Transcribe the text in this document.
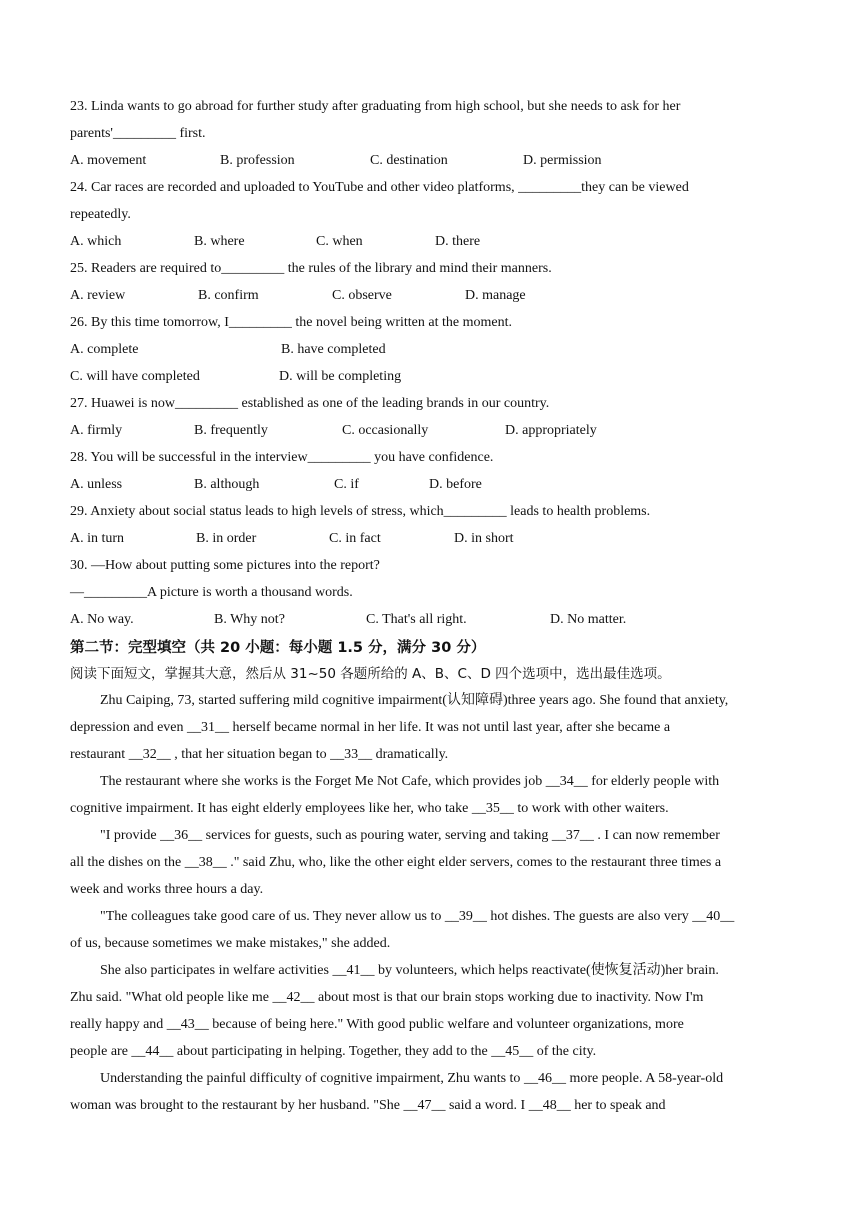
23. Linda wants to go abroad for further study after graduating from high school, but she needs to ask for her
parents'_________ first.
A. movement	B. profession	C. destination	D. permission
24. Car races are recorded and uploaded to YouTube and other video platforms, _________they can be viewed
repeatedly.
A. which	B. where	C. when	D. there
25. Readers are required to_________ the rules of the library and mind their manners.
A. review	B. confirm	C. observe	D. manage
26. By this time tomorrow, I_________ the novel being written at the moment.
A. complete	B. have completed
C. will have completed	D. will be completing
27. Huawei is now_________ established as one of the leading brands in our country.
A. firmly	B. frequently	C. occasionally	D. appropriately
28. You will be successful in the interview_________ you have confidence.
A. unless	B. although	C. if	D. before
29. Anxiety about social status leads to high levels of stress, which_________ leads to health problems.
A. in turn	B. in order	C. in fact	D. in short
30. —How about putting some pictures into the report?
—_________A picture is worth a thousand words.
A. No way.	B. Why not?	C. That's all right.	D. No matter.
第二节：完型填空（共 20 小题：每小题 1.5 分，满分 30 分）
阅读下面短文，掌握其大意，然后从 31~50 各题所给的 A、B、C、D 四个选项中，选出最佳选项。
Zhu Caiping, 73, started suffering mild cognitive impairment(认知障碍)three years ago. She found that anxiety,
depression and even __31__ herself became normal in her life. It was not until last year, after she became a
restaurant __32__ , that her situation began to __33__ dramatically.
The restaurant where she works is the Forget Me Not Cafe, which provides job __34__ for elderly people with
cognitive impairment. It has eight elderly employees like her, who take __35__ to work with other waiters.
"I provide __36__ services for guests, such as pouring water, serving and taking __37__ . I can now remember
all the dishes on the __38__ ." said Zhu, who, like the other eight elder servers, comes to the restaurant three times a
week and works three hours a day.
"The colleagues take good care of us. They never allow us to __39__ hot dishes. The guests are also very __40__
of us, because sometimes we make mistakes," she added.
She also participates in welfare activities __41__ by volunteers, which helps reactivate(使恢复活动)her brain.
Zhu said. "What old people like me __42__ about most is that our brain stops working due to inactivity. Now I'm
really happy and __43__ because of being here." With good public welfare and volunteer organizations, more
people are __44__ about participating in helping. Together, they add to the __45__ of the city.
Understanding the painful difficulty of cognitive impairment, Zhu wants to __46__ more people. A 58-year-old
woman was brought to the restaurant by her husband. "She __47__ said a word. I __48__ her to speak and
